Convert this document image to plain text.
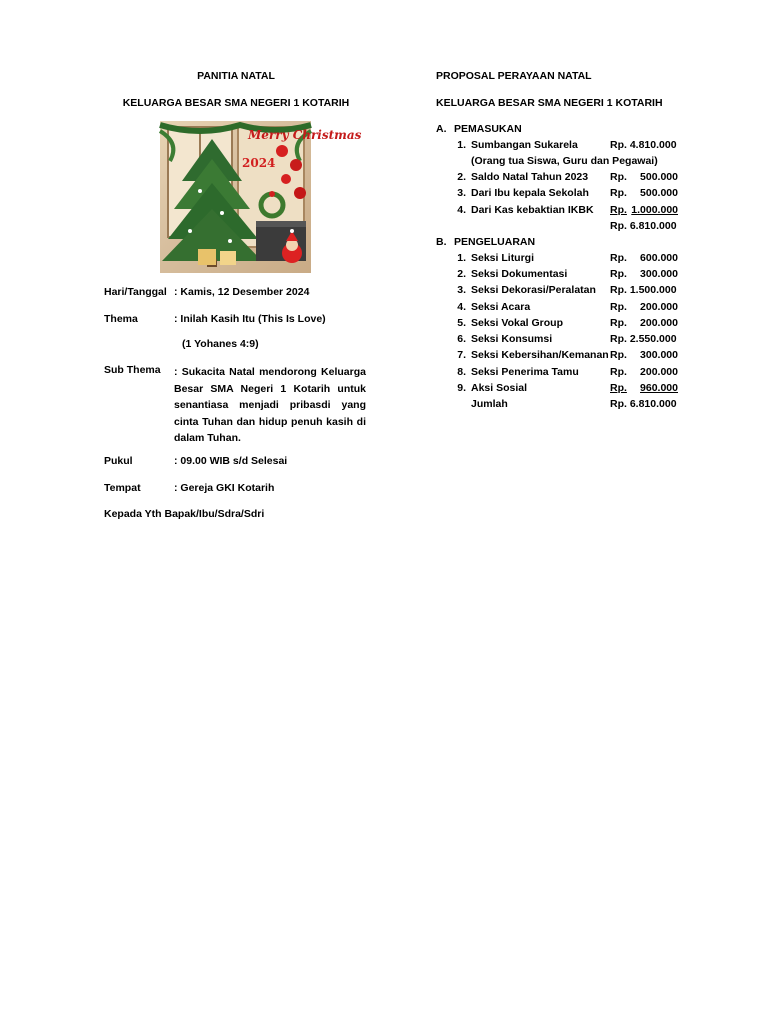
PANITIA NATAL
KELUARGA BESAR SMA NEGERI 1 KOTARIH
Merry Christmas
2024
Hari/Tanggal : Kamis, 12 Desember 2024
Thema	: Inilah Kasih Itu (This Is Love)
(1 Yohanes 4:9)
Sub Thema : Sukacita Natal mendorong Keluarga Besar SMA Negeri 1 Kotarih untuk senantiasa menjadi pribasdi yang cinta Tuhan dan hidup penuh kasih di dalam Tuhan.
Pukul	: 09.00 WIB s/d Selesai
Tempat	: Gereja GKI Kotarih
Kepada Yth Bapak/Ibu/Sdra/Sdri
PROPOSAL PERAYAAN NATAL
KELUARGA BESAR SMA NEGERI 1 KOTARIH
A. PEMASUKAN
1. Sumbangan Sukarela	Rp. 4.810.000
(Orang tua Siswa, Guru dan Pegawai)
2. Saldo Natal Tahun 2023 Rp. 500.000
3. Dari Ibu kepala Sekolah Rp. 500.000
4. Dari Kas kebaktian IKBK Rp. 1.000.000
Rp. 6.810.000
B. PENGELUARAN
1. Seksi Liturgi	Rp. 600.000
2. Seksi Dokumentasi	Rp. 300.000
3. Seksi Dekorasi/Peralatan Rp. 1.500.000
4. Seksi Acara	Rp. 200.000
5. Seksi Vokal Group	Rp. 200.000
6. Seksi Konsumsi	Rp. 2.550.000
7. Seksi Kebersihan/Kemanan Rp. 300.000
8. Seksi Penerima Tamu	Rp. 200.000
9. Aksi Sosial	Rp. 960.000
Jumlah	Rp. 6.810.000
